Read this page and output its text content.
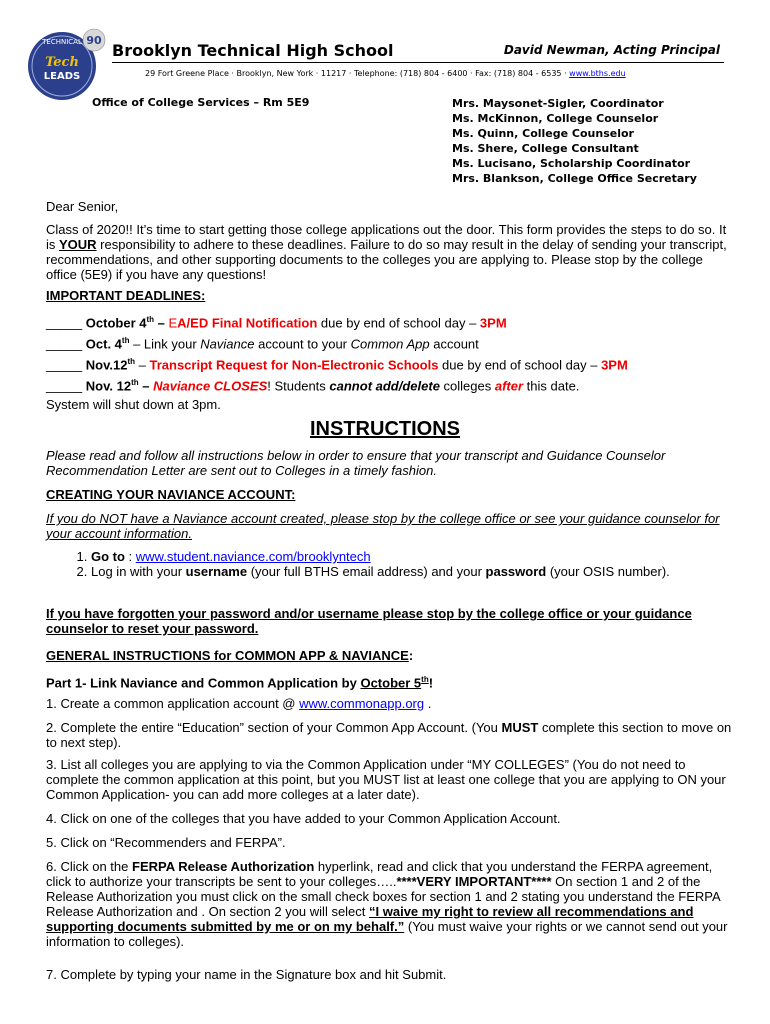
TECHNICAL
Tech
LEADS
90
Brooklyn Technical High School	David Newman, Acting Principal
29 Fort Greene Place · Brooklyn, New York · 11217 · Telephone: (718) 804 - 6400 · Fax: (718) 804 - 6535 · www.bths.edu
Office of College Services – Rm 5E9	Mrs. Maysonet-Sigler, Coordinator
Ms. McKinnon, College Counselor
Ms. Quinn, College Counselor
Ms. Shere, College Consultant
Ms. Lucisano, Scholarship Coordinator
Mrs. Blankson, College Office Secretary
Dear Senior,
Class of 2020!! It’s time to start getting those college applications out the door. This form provides the steps to do so. It is YOUR responsibility to adhere to these deadlines. Failure to do so may result in the delay of sending your transcript, recommendations, and other supporting documents to the colleges you are applying to. Please stop by the college office (5E9) if you have any questions!
IMPORTANT DEADLINES:
_____ October 4th – EA/ED Final Notification due by end of school day – 3PM
_____ Oct. 4th – Link your Naviance account to your Common App account
_____ Nov.12th – Transcript Request for Non-Electronic Schools due by end of school day – 3PM
_____ Nov. 12th – Naviance CLOSES! Students cannot add/delete colleges after this date.
System will shut down at 3pm.
INSTRUCTIONS
Please read and follow all instructions below in order to ensure that your transcript and Guidance Counselor Recommendation Letter are sent out to Colleges in a timely fashion.
CREATING YOUR NAVIANCE ACCOUNT:
If you do NOT have a Naviance account created, please stop by the college office or see your guidance counselor for your account information.
1. Go to : www.student.naviance.com/brooklyntech
2. Log in with your username (your full BTHS email address) and your password (your OSIS number).
If you have forgotten your password and/or username please stop by the college office or your guidance counselor to reset your password.
GENERAL INSTRUCTIONS for COMMON APP & NAVIANCE:
Part 1- Link Naviance and Common Application by October 5th!
1. Create a common application account @ www.commonapp.org .
2. Complete the entire “Education” section of your Common App Account. (You MUST complete this section to move on to next step).
3. List all colleges you are applying to via the Common Application under “MY COLLEGES” (You do not need to complete the common application at this point, but you MUST list at least one college that you are applying to ON your Common Application- you can add more colleges at a later date).
4. Click on one of the colleges that you have added to your Common Application Account.
5. Click on “Recommenders and FERPA”.
6. Click on the FERPA Release Authorization hyperlink, read and click that you understand the FERPA agreement, click to authorize your transcripts be sent to your colleges…..****VERY IMPORTANT**** On section 1 and 2 of the Release Authorization you must click on the small check boxes for section 1 and 2 stating you understand the FERPA Release Authorization and . On section 2 you will select “I waive my right to review all recommendations and supporting documents submitted by me or on my behalf.” (You must waive your rights or we cannot send out your information to colleges).
7. Complete by typing your name in the Signature box and hit Submit.
